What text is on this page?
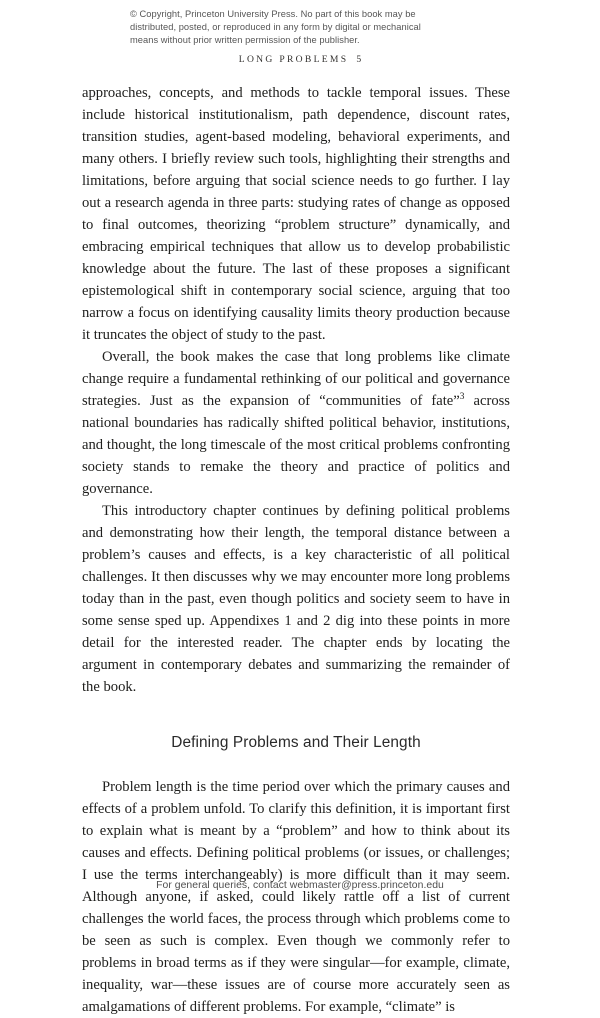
© Copyright, Princeton University Press. No part of this book may be
distributed, posted, or reproduced in any form by digital or mechanical
means without prior written permission of the publisher.
LONG PROBLEMS 5

approaches, concepts, and methods to tackle temporal issues. These include historical institutionalism, path dependence, discount rates, transition studies, agent-based modeling, behavioral experiments, and many others. I briefly review such tools, highlighting their strengths and limitations, before arguing that social science needs to go further. I lay out a research agenda in three parts: studying rates of change as opposed to final outcomes, theorizing “problem structure” dynamically, and embracing empirical techniques that allow us to develop probabilistic knowledge about the future. The last of these proposes a significant epistemological shift in contemporary social science, arguing that too narrow a focus on identifying causality limits theory production because it truncates the object of study to the past.

Overall, the book makes the case that long problems like climate change require a fundamental rethinking of our political and governance strategies. Just as the expansion of “communities of fate”$^3$ across national boundaries has radically shifted political behavior, institutions, and thought, the long timescale of the most critical problems confronting society stands to remake the theory and practice of politics and governance.

This introductory chapter continues by defining political problems and demonstrating how their length, the temporal distance between a problem’s causes and effects, is a key characteristic of all political challenges. It then discusses why we may encounter more long problems today than in the past, even though politics and society seem to have in some sense sped up. Appendixes 1 and 2 dig into these points in more detail for the interested reader. The chapter ends by locating the argument in contemporary debates and summarizing the remainder of the book.

Defining Problems and Their Length

Problem length is the time period over which the primary causes and effects of a problem unfold. To clarify this definition, it is important first to explain what is meant by a “problem” and how to think about its causes and effects. Defining political problems (or issues, or challenges; I use the terms interchangeably) is more difficult than it may seem. Although anyone, if asked, could likely rattle off a list of current challenges the world faces, the process through which problems come to be seen as such is complex. Even though we commonly refer to problems in broad terms as if they were singular—for example, climate, inequality, war—these issues are of course more accurately seen as amalgamations of different problems. For example, “climate” is

For general queries, contact webmaster@press.princeton.edu
